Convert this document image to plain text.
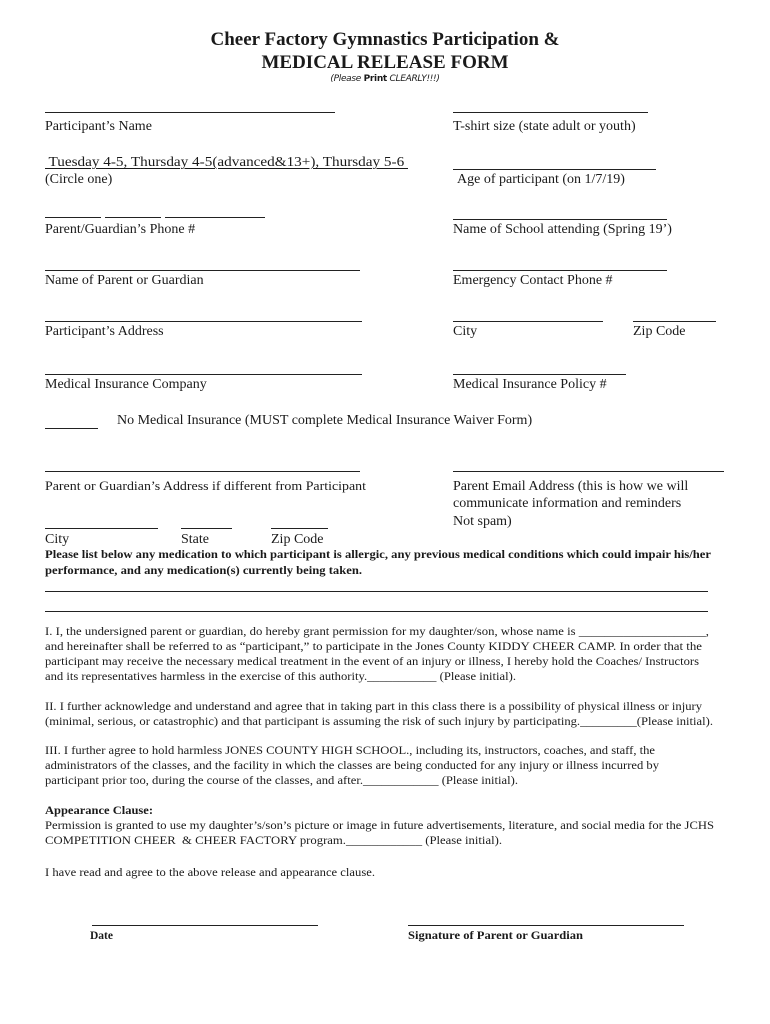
Cheer Factory Gymnastics Participation &
MEDICAL RELEASE FORM
(Please Print CLEARLY!!!)
Participant’s Name	T-shirt size (state adult or youth)
Tuesday 4-5, Thursday 4-5(advanced&13+), Thursday 5-6
(Circle one)	Age of participant (on 1/7/19)
Parent/Guardian’s Phone #	Name of School attending (Spring 19’)
Name of Parent or Guardian	Emergency Contact Phone #
Participant’s Address	City	Zip Code
Medical Insurance Company	Medical Insurance Policy #
No Medical Insurance (MUST complete Medical Insurance Waiver Form)
Parent or Guardian’s Address if different from Participant	Parent Email Address (this is how we will
communicate information and reminders
Not spam)
City	State	Zip Code
Please list below any medication to which participant is allergic, any previous medical conditions which could impair his/her
performance, and any medication(s) currently being taken.
I. I, the undersigned parent or guardian, do hereby grant permission for my daughter/son, whose name is ____________________,
and hereinafter shall be referred to as “participant,” to participate in the Jones County KIDDY CHEER CAMP. In order that the
participant may receive the necessary medical treatment in the event of an injury or illness, I hereby hold the Coaches/ Instructors
and its representatives harmless in the exercise of this authority.___________ (Please initial).
II. I further acknowledge and understand and agree that in taking part in this class there is a possibility of physical illness or injury
(minimal, serious, or catastrophic) and that participant is assuming the risk of such injury by participating._________(Please initial).
III. I further agree to hold harmless JONES COUNTY HIGH SCHOOL., including its, instructors, coaches, and staff, the
administrators of the classes, and the facility in which the classes are being conducted for any injury or illness incurred by
participant prior too, during the course of the classes, and after.____________ (Please initial).
Appearance Clause:
Permission is granted to use my daughter’s/son’s picture or image in future advertisements, literature, and social media for the JCHS
COMPETITION CHEER  & CHEER FACTORY program.____________ (Please initial).
I have read and agree to the above release and appearance clause.
Date	Signature of Parent or Guardian
